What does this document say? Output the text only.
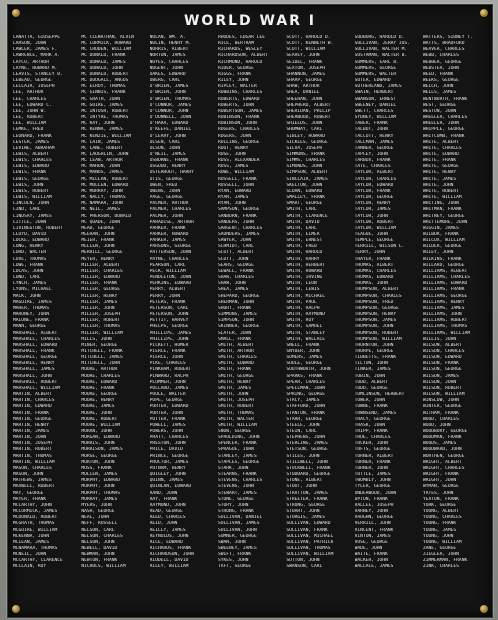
WORLD WAR I
LANATTA, GIUSEPPE
LARSON, JOHN
LAWLER, JAMES F.
LAWRENCE, MARK A.
LAYCO, ARTHUR
LAYNE, HOWARD M.
LEAVIS, STANLEY B.
LEBEAU, GEORGE
LECLAIR, JOSEPH
LEE, ARTHUR
LEE, CHARLES
LEE, EDWARD C.
LEE, JOHN W.
LEE, ROBERT
LEE, WILLIAM
LEMKE, FRED
LEONARD, FRANK
LESTER, JAMES
LEVINE, ABRAHAM
LEWIS, ALBERT
LEWIS, CHARLES
LEWIS, EDWARD
LEWIS, FRANK
LEWIS, GEORGE
LEWIS, JOHN
LEWIS, ROBERT
LEWIS, WILLIAM
LINCOLN, JOHN
LIND, CARL
LINDSAY, JAMES
LITTLE, JOHN
LIVINGSTON, ROBERT
LLOYD, DAVID
LOCKE, EDWARD
LONG, HENRY
LORD, WALTER
LOVE, THOMAS
LOWE, FRANK
LUCAS, JOHN
LUND, CARL
LYNCH, JAMES
LYONS, MICHAEL
MACK, JOHN
MAGUIRE, JAMES
MAHER, THOMAS
MAHONEY, JOHN
MALONE, FRANK
MANN, GEORGE
MARSHALL, ALBERT
MARSHALL, CHARLES
MARSHALL, EDWARD
MARSHALL, FRANK
MARSHALL, GEORGE
MARSHALL, HENRY
MARSHALL, JAMES
MARSHALL, JOHN
MARSHALL, ROBERT
MARSHALL, WILLIAM
MARTIN, ALBERT
MARTIN, CHARLES
MARTIN, EDWARD
MARTIN, FRANK
MARTIN, GEORGE
MARTIN, HENRY
MARTIN, JAMES
MARTIN, JOHN
MARTIN, JOSEPH
MARTIN, ROBERT
MARTIN, THOMAS
MARTIN, WILLIAM
MASON, CHARLES
MASON, JOHN
MATHEWS, JAMES
MAXWELL, ROBERT
MAY, GEORGE
MAYER, FRANK
MCCARTHY, JOHN
MCCORMICK, JAMES
MCDONALD, ROBERT
MCGRATH, THOMAS
MCGUIRE, WILLIAM
MCKENNA, JOHN
MCLEAN, JAMES
MCNAMARA, THOMAS
MCNEIL, JOHN
MCCARTHY, CLARENCE
MCCLAIN, ROY
MC CLENATHAN, ALVIN
MC CORMICK, HOWARD
MC CRUDEN, WILLIAM
MC DONALD, FRANK
MC DONALD, JAMES
MC DONALD, JOHN
MC DONALD, ROBERT
MC DOUGALL, ANGUS
MC ELROY, THOMAS
MC GINNIS, FRANK
MC GRATH, JOHN
MC GUIRE, JAMES
MC INTOSH, ROBERT
MC INTYRE, THOMAS
MC KAY, JOHN
MC KENNA, JAMES
MC KENZIE, WILLIAM
MC LAIN, JAMES
MC LANE, ROBERT
MC LAUGHLIN, JOHN
MC LEAN, ARTHUR
MC MAHON, JOHN
MC MANUS, JAMES
MC MILLAN, ROBERT
MC MULLEN, EDWARD
MC MURRAY, JOHN
MC NALLY, THOMAS
MC NAMARA, JOHN
MC NEIL, JAMES
MC PHERSON, DONALD
MC QUADE, JOHN
MEAD, GEORGE
MEEHAN, JOHN
MEIER, FRANK
MELLEN, JOHN
MERRILL, GEORGE
MEYER, HENRY
MILLER, ALBERT
MILLER, CHARLES
MILLER, EDWARD
MILLER, FRANK
MILLER, GEORGE
MILLER, HENRY
MILLER, JAMES
MILLER, JOHN
MILLER, JOSEPH
MILLER, ROBERT
MILLER, THOMAS
MILLER, WILLIAM
MILLS, JOHN
MINER, GEORGE
MITCHELL, FRANK
MITCHELL, JAMES
MITCHELL, JOHN
MOORE, ARTHUR
MOORE, CHARLES
MOORE, EDWARD
MOORE, FRANK
MOORE, GEORGE
MOORE, HENRY
MOORE, JAMES
MOORE, JOHN
MOORE, ROBERT
MOORE, WILLIAM
MORAN, JOHN
MORGAN, EDWARD
MORRIS, JOHN
MORRISON, JAMES
MORSE, GEORGE
MORTON, JOHN
MOSS, FRANK
MULLEN, JAMES
MURPHY, EDWARD
MURPHY, JOHN
MURPHY, THOMAS
MURRAY, JAMES
MYERS, JOHN
NASH, GEORGE
NEAL, JOHN
NEFF, RUSSELL
NELSON, CARL
NELSON, CHARLES
NELSON, JOHN
NEWELL, DAVID
NEWMAN, JOHN
NEWTON, FRANK
NICHOLS, WILLIAM
NOLAN, WM. A.
NOLIN, HENRY M.
NORRIS, ALBERT
NORTON, JAMES
NOYES, CHARLES
NUGENT, JOHN
OAKES, EDWARD
OBERG, CARL
O'BRIEN, JAMES
O'BRIEN, JOHN
O'BRIEN, THOMAS
O'CONNOR, JAMES
O'CONNOR, JOHN
O'DONNELL, JOHN
O'HARA, EDWARD
O'KEEFE, DANIEL
O'LEARY, JOHN
OLSEN, CARL
OLSON, JOHN
O'NEIL, JAMES
OSBORNE, FRANK
OSGOOD, HENRY
OSTERHOUT, HARRY
OTIS, GEORGE
OWEN, FRED
OWENS, JOHN
PAGE, GEORGE
PALMER, ARTHUR
PALMER, CHARLES
PALMER, JOHN
PARADISE, ARTHUR
PARKER, FRANK
PARKER, HOWARD
PARKER, JAMES
PARSONS, GEORGE
PATTERSON, JOHN
PAYNE, CHARLES
PEARSON, CARL
PECK, WILLIAM
PENDLETON, JOHN
PERKINS, EDWARD
PERRY, ALBERT
PERRY, JOHN
PETERS, FRANK
PETERSON, CARL
PETERSON, JOHN
PETTIT, HARVEY
PHELPS, GEORGE
PHILLIPS, JAMES
PHILLIPS, JOHN
PICKETT, HOMER
PIERCE, FRANK
PIERCE, JOHN
PIKE, CHARLES
PINKHAM, ROBERT
PINWARD, RALPH
PLUMMER, JOHN
POLLARD, JAMES
POOLE, WALTER
POPE, GEORGE
PORTER, EDWARD
PORTER, JOHN
POTTER, FRANK
POWELL, JAMES
POWERS, JOHN
PRATT, CHARLES
PRESTON, JOHN
PRICE, DAVID
PRINCE, GEORGE
PROCTOR, JAMES
PUTNAM, HENRY
QUIGLEY, JOHN
QUINN, JAMES
QUINLAN, EDWARD
RAND, JOHN
RAY, FRANK
RAYMOND, JOHN
READ, GEORGE
REED, CHARLES
REID, JOHN
REILLY, JAMES
REYNOLDS, JOHN
RICE, EDWARD
RICHARDS, FRANK
RICHARDSON, JOHN
RIDDELL, DAVID
RILEY, WILLIAM
RHODES, EDGAR LEE
RICE, BERTRAM
RICHARDS, WESLEY
RICHARDSON, ALBERT
RICHMOND, HAROLD
RIDER, GEORGE
RIGGS, FRANK
RILEY, JOHN
RIPLEY, WALTER
ROBBINS, CHARLES
ROBERTS, EDWARD
ROBERTS, JOHN
ROBERTSON, JAMES
ROBINSON, FRANK
ROBINSON, JOHN
ROGERS, CHARLES
ROGERS, JOHN
ROLLINS, GEORGE
ROOT, HENRY
ROSE, JOHN
ROSS, ALEXANDER
ROSS, JAMES
ROWE, WILLIAM
RUSSELL, FRANK
RUSSELL, JOHN
RYAN, EDWARD
RYAN, JAMES
RYAN, JOHN
SAMPSON, GEORGE
SANBORN, FRANK
SANDERS, JOHN
SARGENT, CHARLES
SAUNDERS, JAMES
SAWYER, JOHN
SCHMIDT, CARL
SCOTT, ALBERT
SCOTT, JOHN
SEARS, GEORGE
SEWALL, FRANK
SHAW, CHARLES
SHAW, JOHN
SHEA, JAMES
SHEPARD, GEORGE
SHERMAN, JOHN
SHORT, FRANK
SIMMONS, JAMES
SIMPSON, JOHN
SKINNER, GEORGE
SLATER, JOHN
SMALL, FRANK
SMITH, ALBERT
SMITH, ARTHUR
SMITH, CHARLES
SMITH, EDWARD
SMITH, FRANK
SMITH, GEORGE
SMITH, HENRY
SMITH, JAMES
SMITH, JOHN
SMITH, JOSEPH
SMITH, ROBERT
SMITH, THOMAS
SMITH, WALTER
SMITH, WILLIAM
SNOW, GEORGE
SPAULDING, JOHN
SPENCER, FRANK
SPRAGUE, JOHN
STANLEY, JAMES
STAPLES, GEORGE
STARK, JOHN
STEARNS, FRANK
STEVENS, CHARLES
STEVENS, JOHN
STEWART, JAMES
STONE, GEORGE
STORY, JOHN
STRONG, FRANK
SULLIVAN, DANIEL
SULLIVAN, JAMES
SULLIVAN, JOHN
SUMNER, GEORGE
SWAN, JOHN
SWEENEY, JAMES
SWIFT, FRANK
SYKES, JOHN
TAFT, GEORGE
SCOTT, HAROLD D.
SCOTT, KENNETH W.
SCOTT, WILLIAM
SEAVEY, JOHN
SEIDEL, FRANK
SEXTON, JOSEPH
SHANNON, JAMES
SHARP, GEORGE
SHAW, ARTHUR
SHEA, DANIEL
SHEEHAN, JOHN
SHEPHERD, ALBERT
SHERIDAN, PHILIP
SHERWOOD, ROBERT
SHIELDS, JOHN
SHUMWAY, CARL
SIBLEY, HOWARD
SICKLES, GEORGE
SILVA, JOSEPH
SIMMONS, FRANK
SIMMS, CHARLES
SIMONDS, JOHN
SIMPSON, ALBERT
SINCLAIR, JAMES
SKELTON, JOHN
SLOAN, EDWARD
SMALLEY, FRANK
SMART, GEORGE
SMITH, CARL
SMITH, CLARENCE
SMITH, DAVID
SMITH, EARL
SMITH, ELMER
SMITH, ERNEST
SMITH, FRED
SMITH, HAROLD
SMITH, HARRY
SMITH, HERBERT
SMITH, HOWARD
SMITH, IRVING
SMITH, LEON
SMITH, LEWIS
SMITH, MICHAEL
SMITH, PAUL
SMITH, RALPH
SMITH, RAYMOND
SMITH, ROY
SMITH, SAMUEL
SMITH, STANLEY
SMITH, WALLACE
SNELL, FRANK
SNYDER, JOHN
SOMERS, JAMES
SOULE, GEORGE
SOUTHWORTH, JOHN
SPARKS, FRANK
SPEAR, CHARLES
SPELLMAN, JOHN
SPRING, GEORGE
STACY, JAMES
STAFFORD, JOHN
STANTON, FRANK
STARR, GEORGE
STEELE, JOHN
STEIN, CARL
STEPHENS, JOHN
STERLING, JAMES
STETSON, GEORGE
STILES, JOHN
STILLWELL, JOHN
STOCKWELL, FRANK
STODDARD, GEORGE
STONE, ALBERT
STOUT, JOHN
STRATTON, JAMES
STREETER, FRANK
STRONG, GEORGE
STUART, JOHN
STURGIS, JAMES
SULLIVAN, EDWARD
SULLIVAN, FRANK
SULLIVAN, MICHAEL
SULLIVAN, PATRICK
SULLIVAN, THOMAS
SULLIVAN, WILLIAM
SUTTON, JOHN
SWANSON, CARL
SUDBURG, HAROLD D.
SULLIVAN, JERRY JOS.
SULLIVAN, WALTER M.
SUSTAMAN, WALTER B.
SUMMERS, EARL B.
SUMMERS, GEORGE
SUMMERS, WALTER
SUTER, EDWARD
SUTHERLAND, JAMES
SWAIN, HERBERT
SWANSON, ERNEST
SWEENEY, DANIEL
SWETT, CHARLES
SYDNEY, WILLIAM
TABER, FRANK
TALBOT, JOHN
TALCOTT, HENRY
TALLMAN, JAMES
TANNER, GEORGE
TAPLEY, JOHN
TARBOX, FRANK
TATE, CHARLES
TAYLOR, ALBERT
TAYLOR, CHARLES
TAYLOR, EDWARD
TAYLOR, FRANK
TAYLOR, GEORGE
TAYLOR, HENRY
TAYLOR, JAMES
TAYLOR, JOHN
TAYLOR, ROBERT
TAYLOR, WILLIAM
TEAGUE, JOHN
TEMPLE, GEORGE
TERRILL, WILSON L.
TERRY, JOHN
THAYER, FRANK
THOMAS, ALBERT
THOMAS, CHARLES
THOMAS, EDWARD
THOMAS, JOHN
THOMPSON, ALBERT
THOMPSON, CHARLES
THOMPSON, FRED
THOMPSON, GEORGE
THOMPSON, HENRY
THOMPSON, JAMES
THOMPSON, JOHN
THOMPSON, ROBERT
THOMPSON, WILLIAM
THORNTON, JOHN
THORPE, GEORGE
TIBBETTS, FRANK
TILTON, JOHN
TINKER, JAMES
TOBIN, JOHN
TODD, ALBERT
TODD, GEORGE
TOMLINSON, HERBERT
TOWER, JOHN
TOWNE, FRANK
TOWNSEND, JAMES
TRACY, GEORGE
TRASK, JOHN
TRIPP, FRANK
TRUE, CHARLES
TUCKER, JOHN
TUFTS, GEORGE
TURNER, ALBERT
TURNER, FRANK
TURNER, JOHN
TUTTLE, JAMES
TWOMBLY, JOHN
TYLER, GEORGE
UNDERWOOD, JOHN
UPTON, FRANK
VALLEE, JOSEPH
VARNEY, JOHN
VAUGHN, GEORGE
VERRILL, JOHN
VINCENT, FRANK
VINTON, JAMES
VOSE, GEORGE
WADE, JOHN
WAITE, FRANK
WALKER, JOHN
WALLACE, JAMES
WATTERS, SIDNEY T.
WATTS, BRADFORD
WEAVER, CHARLES
WEBB, CHARLES
WEBBER, GEORGE
WEBSTER, JOHN
WEED, FRANK
WEEKS, GEORGE
WELCH, JOHN
WELLS, JAMES
WENTWORTH, FRANK
WEST, GEORGE
WESTON, JOHN
WHEELER, CHARLES
WHEELER, JOHN
WHIPPLE, GEORGE
WHITCOMB, FRANK
WHITE, ALBERT
WHITE, CHARLES
WHITE, EDWARD
WHITE, FRANK
WHITE, GEORGE
WHITE, HENRY
WHITE, JAMES
WHITE, JOHN
WHITE, ROBERT
WHITE, WILLIAM
WHITING, JOHN
WHITMAN, FRANK
WHITNEY, GEORGE
WHITTEMORE, JOHN
WIGGIN, JAMES
WILBUR, FRANK
WILCOX, WILLIAM
WILDER, GEORGE
WILEY, JOHN
WILKINS, FRANK
WILLARD, GEORGE
WILLIAMS, ALBERT
WILLIAMS, CHARLES
WILLIAMS, EDWARD
WILLIAMS, FRANK
WILLIAMS, GEORGE
WILLIAMS, HENRY
WILLIAMS, JAMES
WILLIAMS, JOHN
WILLIAMS, ROBERT
WILLIAMS, THOMAS
WILLIAMS, WILLIAM
WILLIS, JOHN
WILSON, ALBERT
WILSON, CHARLES
WILSON, EDWARD
WILSON, FRANK
WILSON, GEORGE
WILSON, JAMES
WILSON, JOHN
WILSON, ROBERT
WILSON, WILLIAM
WINSLOW, JOHN
WINTER, GEORGE
WITHAM, FRANK
WOOD, CHARLES
WOOD, JOHN
WOODBURY, GEORGE
WOODMAN, FRANK
WOODS, JAMES
WOODWARD, JOHN
WORTHEN, GEORGE
WRIGHT, ALBERT
WRIGHT, CHARLES
WRIGHT, FRANK
WRIGHT, JOHN
WYMAN, GEORGE
YATES, JOHN
YEATON, FRANK
YORK, GEORGE
YOUNG, ALBERT
YOUNG, CHARLES
YOUNG, FRANK
YOUNG, JAMES
YOUNG, JOHN
YOUNG, WILLIAM
ZANE, GEORGE
ZIEGLER, JOHN
ZIMMERMAN, FRANK
ZINK, CHARLES
